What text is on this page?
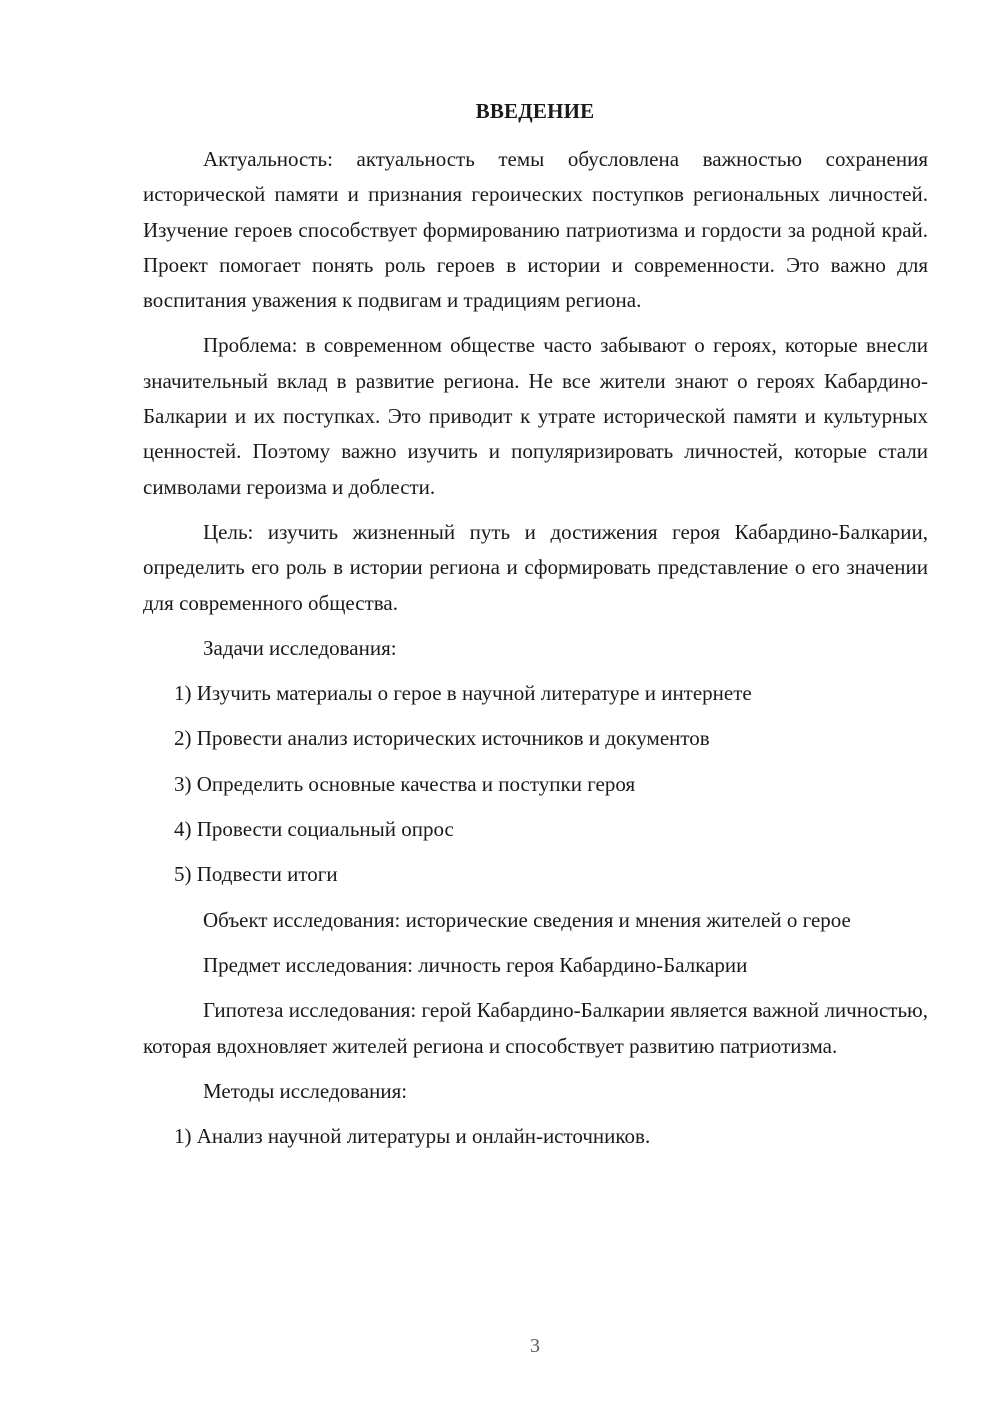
ВВЕДЕНИЕ

Актуальность: актуальность темы обусловлена важностью сохранения исторической памяти и признания героических поступков региональных личностей. Изучение героев способствует формированию патриотизма и гордости за родной край. Проект помогает понять роль героев в истории и современности. Это важно для воспитания уважения к подвигам и традициям региона.

Проблема: в современном обществе часто забывают о героях, которые внесли значительный вклад в развитие региона. Не все жители знают о героях Кабардино-Балкарии и их поступках. Это приводит к утрате исторической памяти и культурных ценностей. Поэтому важно изучить и популяризировать личностей, которые стали символами героизма и доблести.

Цель: изучить жизненный путь и достижения героя Кабардино-Балкарии, определить его роль в истории региона и сформировать представление о его значении для современного общества.

Задачи исследования:

1) Изучить материалы о герое в научной литературе и интернете

2) Провести анализ исторических источников и документов

3) Определить основные качества и поступки героя

4) Провести социальный опрос

5) Подвести итоги

Объект исследования: исторические сведения и мнения жителей о герое

Предмет исследования: личность героя Кабардино-Балкарии

Гипотеза исследования: герой Кабардино-Балкарии является важной личностью, которая вдохновляет жителей региона и способствует развитию патриотизма.

Методы исследования:

1) Анализ научной литературы и онлайн-источников.

3
